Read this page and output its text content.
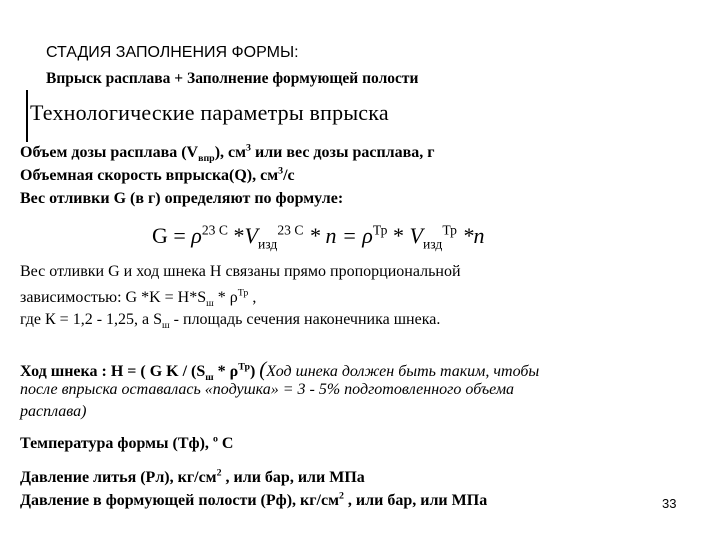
СТАДИЯ ЗАПОЛНЕНИЯ ФОРМЫ:
Впрыск расплава + Заполнение формующей полости
Технологические параметры впрыска
Объем дозы расплава $(V_{впр})$, $см^3$ или вес дозы расплава, г
Объемная скорость впрыска(Q), $см^3/с$
Вес отливки G (в г) определяют по формуле:
$G = \rho^{23 С}$ $*V_{изд}^{23 С} * n = \rho^{Тр} * V_{изд}^{Тр}$ *n
Вес отливки G и ход шнека H связаны прямо пропорциональной
зависимостью: G $*K = H*S_ш * \rho^{Тр}$ ,
где К = 1,2 - 1,25, а $S_ш$ - площадь сечения наконечника шнека.
Ход шнека : H = ( G K / $(S_ш * \rho^{Тр})$ (Ход шнека должен быть таким, чтобы
после впрыска оставалась «подушка» = 3 - 5% подготовленного объема
расплава)
Температура формы (Тф), $^о$ С
Давление литья (Рл), $кг/см^2$ , или бар, или МПа
Давление в формующей полости (Рф), $кг/см^2$ , или бар, или МПа	33
